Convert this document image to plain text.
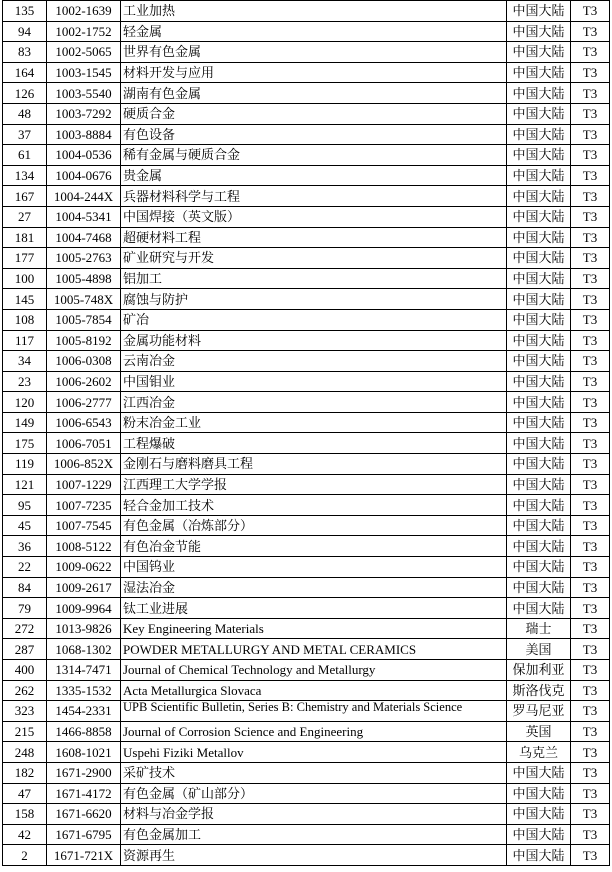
135	1002-1639	工业加热	中国大陆	T3
94	1002-1752	轻金属	中国大陆	T3
83	1002-5065	世界有色金属	中国大陆	T3
164	1003-1545	材料开发与应用	中国大陆	T3
126	1003-5540	湖南有色金属	中国大陆	T3
48	1003-7292	硬质合金	中国大陆	T3
37	1003-8884	有色设备	中国大陆	T3
61	1004-0536	稀有金属与硬质合金	中国大陆	T3
134	1004-0676	贵金属	中国大陆	T3
167	1004-244X	兵器材料科学与工程	中国大陆	T3
27	1004-5341	中国焊接（英文版）	中国大陆	T3
181	1004-7468	超硬材料工程	中国大陆	T3
177	1005-2763	矿业研究与开发	中国大陆	T3
100	1005-4898	铝加工	中国大陆	T3
145	1005-748X	腐蚀与防护	中国大陆	T3
108	1005-7854	矿冶	中国大陆	T3
117	1005-8192	金属功能材料	中国大陆	T3
34	1006-0308	云南冶金	中国大陆	T3
23	1006-2602	中国钼业	中国大陆	T3
120	1006-2777	江西冶金	中国大陆	T3
149	1006-6543	粉末冶金工业	中国大陆	T3
175	1006-7051	工程爆破	中国大陆	T3
119	1006-852X	金刚石与磨料磨具工程	中国大陆	T3
121	1007-1229	江西理工大学学报	中国大陆	T3
95	1007-7235	轻合金加工技术	中国大陆	T3
45	1007-7545	有色金属（冶炼部分）	中国大陆	T3
36	1008-5122	有色冶金节能	中国大陆	T3
22	1009-0622	中国钨业	中国大陆	T3
84	1009-2617	湿法冶金	中国大陆	T3
79	1009-9964	钛工业进展	中国大陆	T3
272	1013-9826	Key Engineering Materials	瑞士	T3
287	1068-1302	POWDER METALLURGY AND METAL CERAMICS	美国	T3
400	1314-7471	Journal of Chemical Technology and Metallurgy	保加利亚	T3
262	1335-1532	Acta Metallurgica Slovaca	斯洛伐克	T3
323	1454-2331	UPB Scientific Bulletin, Series B: Chemistry and Materials Science	罗马尼亚	T3
215	1466-8858	Journal of Corrosion Science and Engineering	英国	T3
248	1608-1021	Uspehi Fiziki Metallov	乌克兰	T3
182	1671-2900	采矿技术	中国大陆	T3
47	1671-4172	有色金属（矿山部分）	中国大陆	T3
158	1671-6620	材料与冶金学报	中国大陆	T3
42	1671-6795	有色金属加工	中国大陆	T3
2	1671-721X	资源再生	中国大陆	T3
